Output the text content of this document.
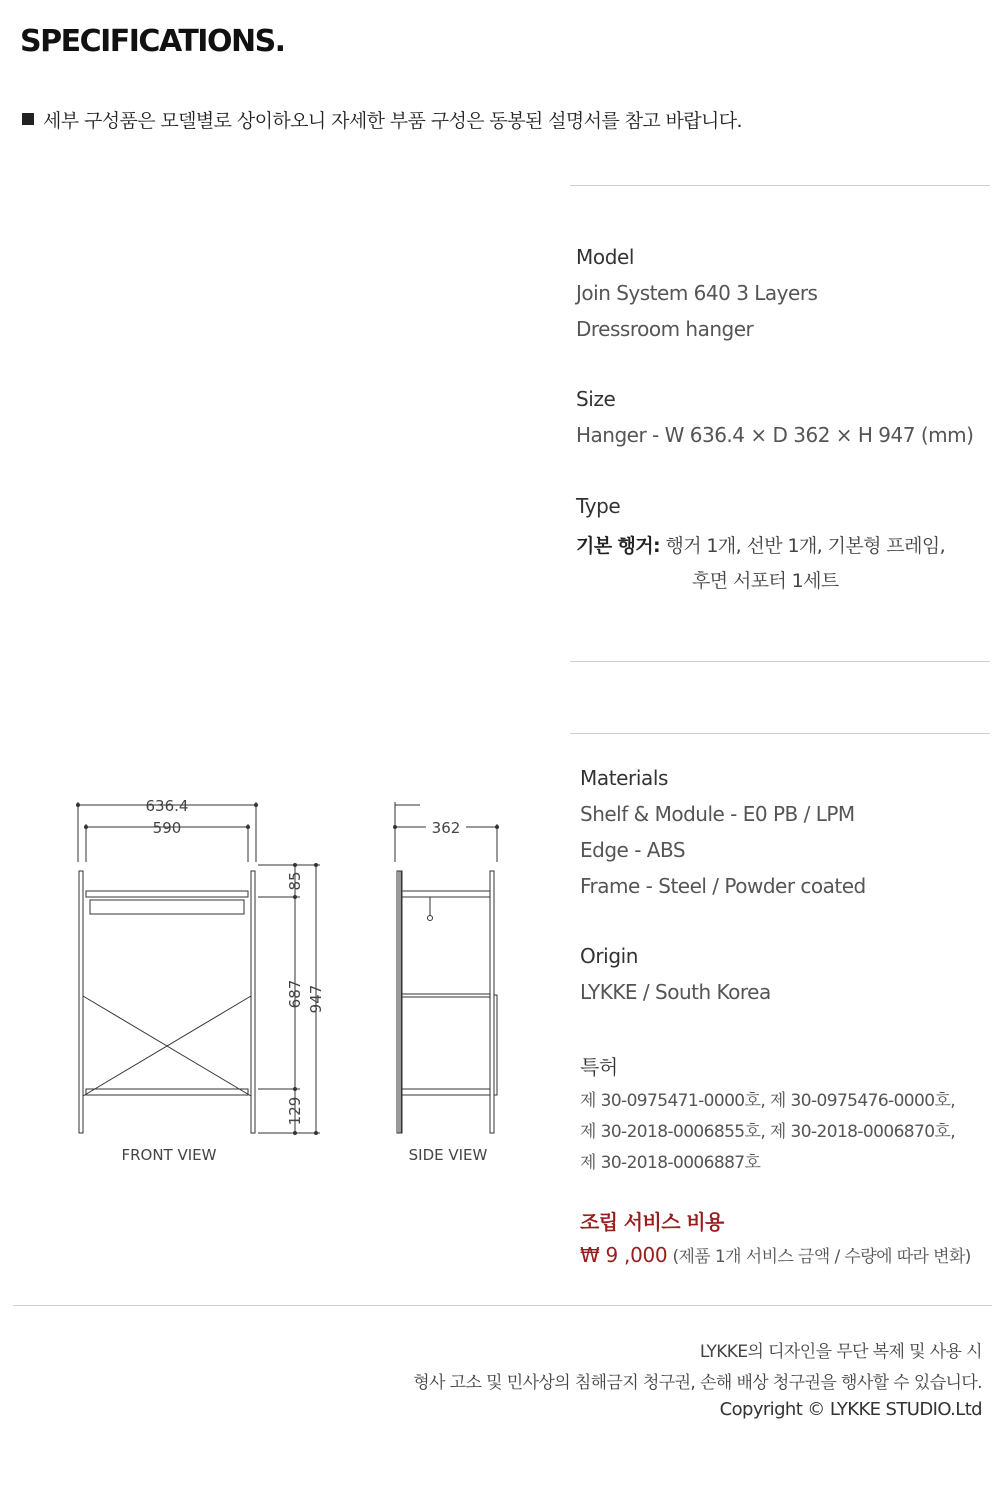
SPECIFICATIONS.
세부 구성품은 모델별로 상이하오니 자세한 부품 구성은 동봉된 설명서를 참고 바랍니다.
Model
Join System 640 3 Layers
Dressroom hanger
Size
Hanger - W 636.4 × D 362 × H 947 (mm)
Type
기본 행거: 행거 1개, 선반 1개, 기본형 프레임,
후면 서포터 1세트
636.4
590
85
687
129
947
FRONT VIEW
362
SIDE VIEW
Materials
Shelf & Module - E0 PB / LPM
Edge - ABS
Frame - Steel / Powder coated
Origin
LYKKE / South Korea
특허
제 30-0975471-0000호, 제 30-0975476-0000호,
제 30-2018-0006855호, 제 30-2018-0006870호,
제 30-2018-0006887호
조립 서비스 비용
₩ 9 ,000 (제품 1개 서비스 금액 / 수량에 따라 변화)
LYKKE의 디자인을 무단 복제 및 사용 시
형사 고소 및 민사상의 침해금지 청구권, 손해 배상 청구권을 행사할 수 있습니다.
Copyright © LYKKE STUDIO.Ltd
